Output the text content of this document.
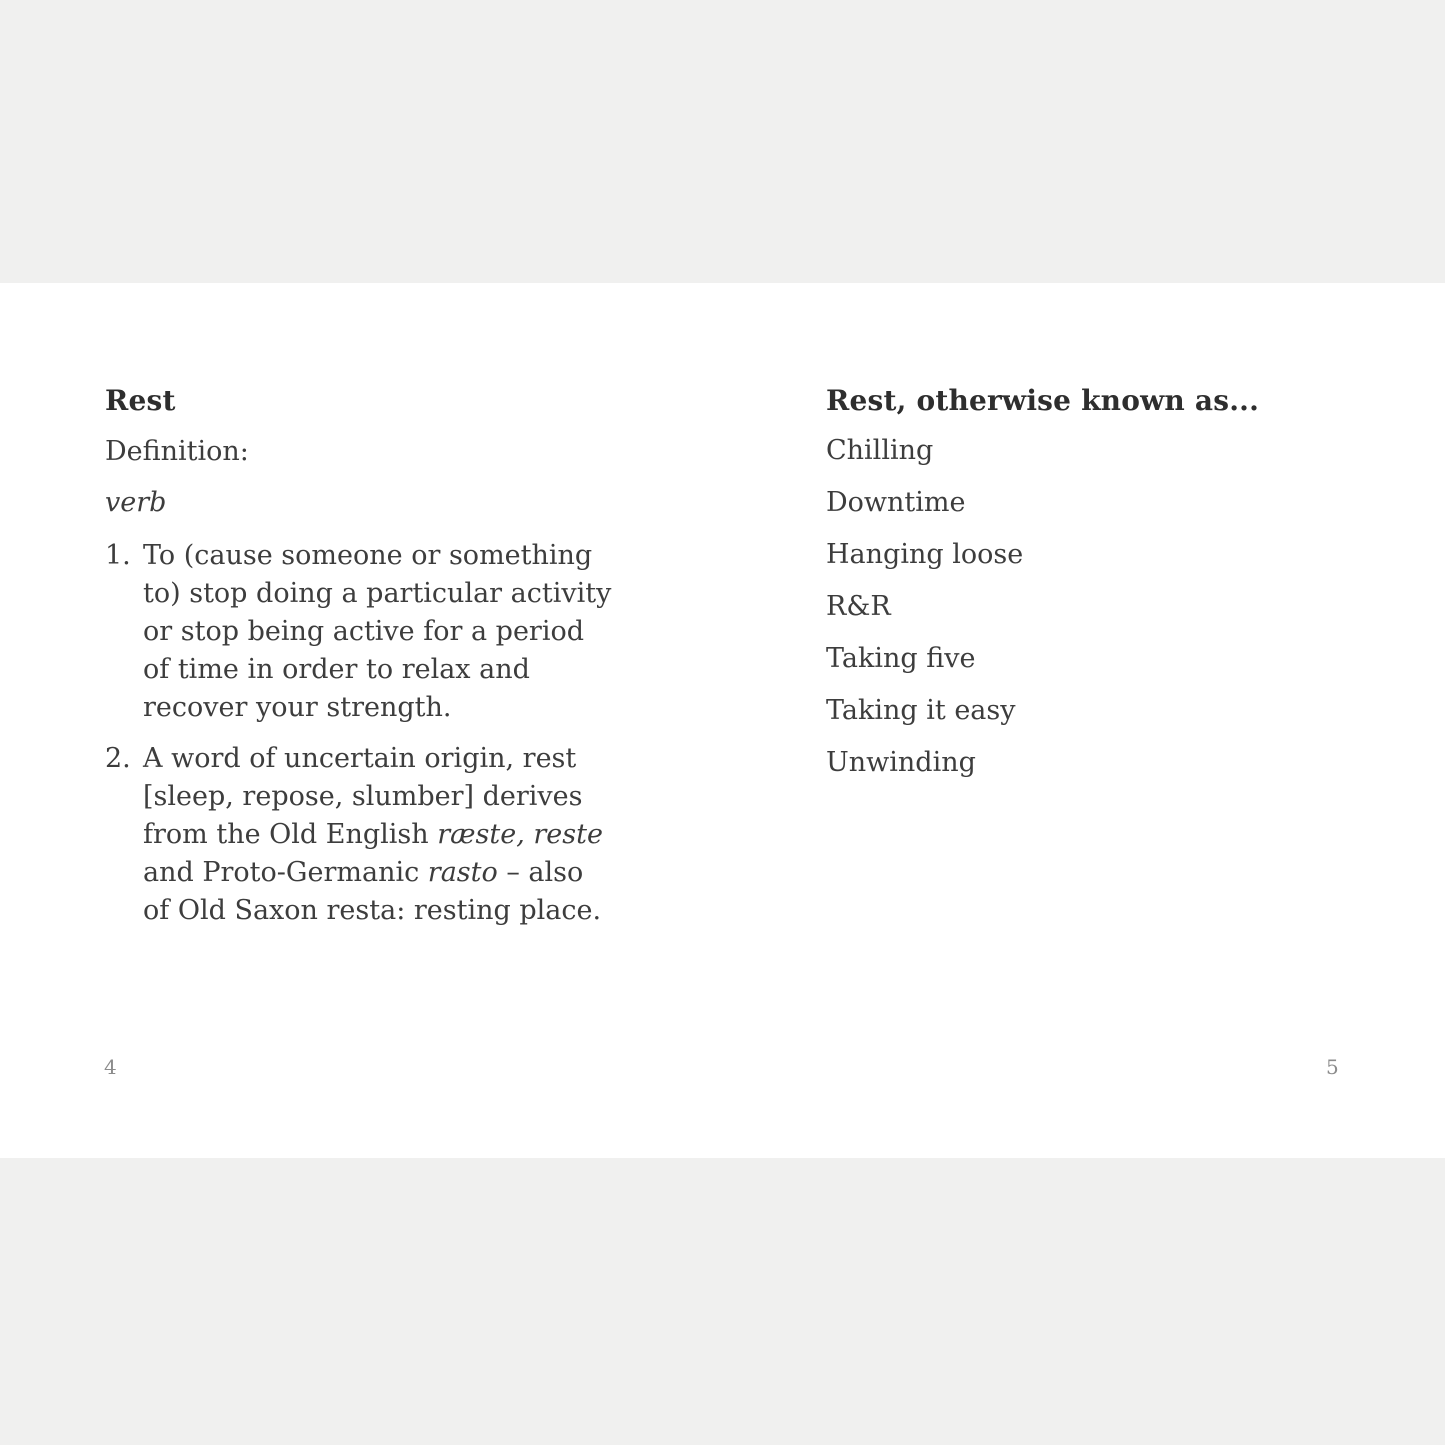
Rest

Definition:

verb

1. To (cause someone or something to) stop doing a particular activity or stop being active for a period of time in order to relax and recover your strength.
2. A word of uncertain origin, rest [sleep, repose, slumber] derives from the Old English ræste, reste and Proto-Germanic rasto – also of Old Saxon resta: resting place.
Rest, otherwise known as...
Chilling
Downtime
Hanging loose
R&R
Taking five
Taking it easy
Unwinding
4	5
